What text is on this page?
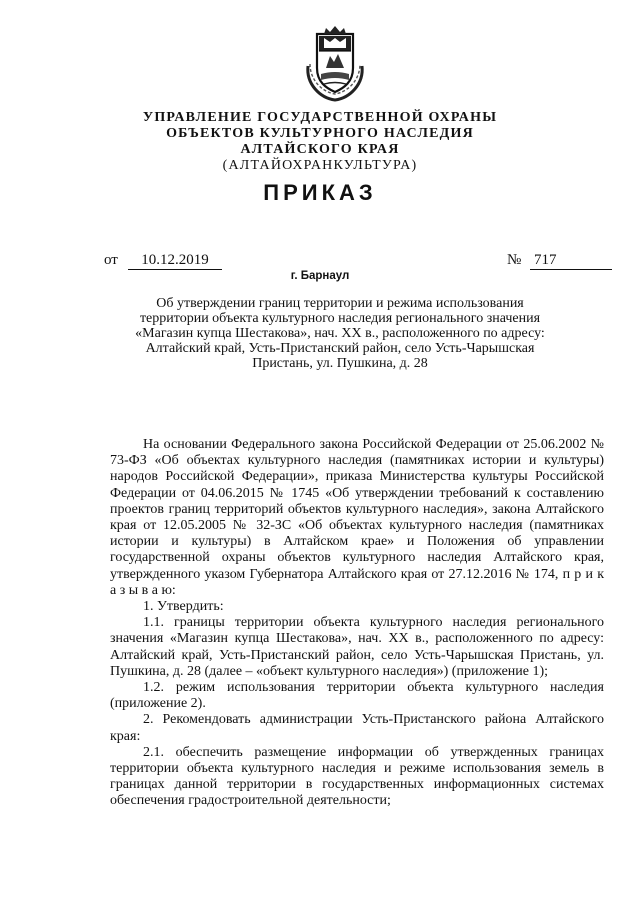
УПРАВЛЕНИЕ ГОСУДАРСТВЕННОЙ ОХРАНЫ
ОБЪЕКТОВ КУЛЬТУРНОГО НАСЛЕДИЯ
АЛТАЙСКОГО КРАЯ
(АЛТАЙОХРАНКУЛЬТУРА)
ПРИКАЗ
от	10.12.2019	№ 717
г. Барнаул
Об утверждении границ территории и режима использования территории объекта культурного наследия регионального значения «Магазин купца Шестакова», нач. XX в., расположенного по адресу: Алтайский край, Усть-Пристанский район, село Усть-Чарышская Пристань, ул. Пушкина, д. 28

На основании Федерального закона Российской Федерации от 25.06.2002 № 73-ФЗ «Об объектах культурного наследия (памятниках истории и культуры) народов Российской Федерации», приказа Министерства культуры Российской Федерации от 04.06.2015 № 1745 «Об утверждении требований к составлению проектов границ территорий объектов культурного наследия», закона Алтайского края от 12.05.2005 № 32-ЗС «Об объектах культурного наследия (памятниках истории и культуры) в Алтайском крае» и Положения об управлении государственной охраны объектов культурного наследия Алтайского края, утвержденного указом Губернатора Алтайского края от 27.12.2016 № 174, п р и к а з ы в а ю:

1. Утвердить:

1.1. границы территории объекта культурного наследия регионального значения «Магазин купца Шестакова», нач. XX в., расположенного по адресу: Алтайский край, Усть-Пристанский район, село Усть-Чарышская Пристань, ул. Пушкина, д. 28 (далее – «объект культурного наследия») (приложение 1);

1.2. режим использования территории объекта культурного наследия (приложение 2).

2. Рекомендовать администрации Усть-Пристанского района Алтайского края:

2.1. обеспечить размещение информации об утвержденных границах территории объекта культурного наследия и режиме использования земель в границах данной территории в государственных информационных системах обеспечения градостроительной деятельности;
